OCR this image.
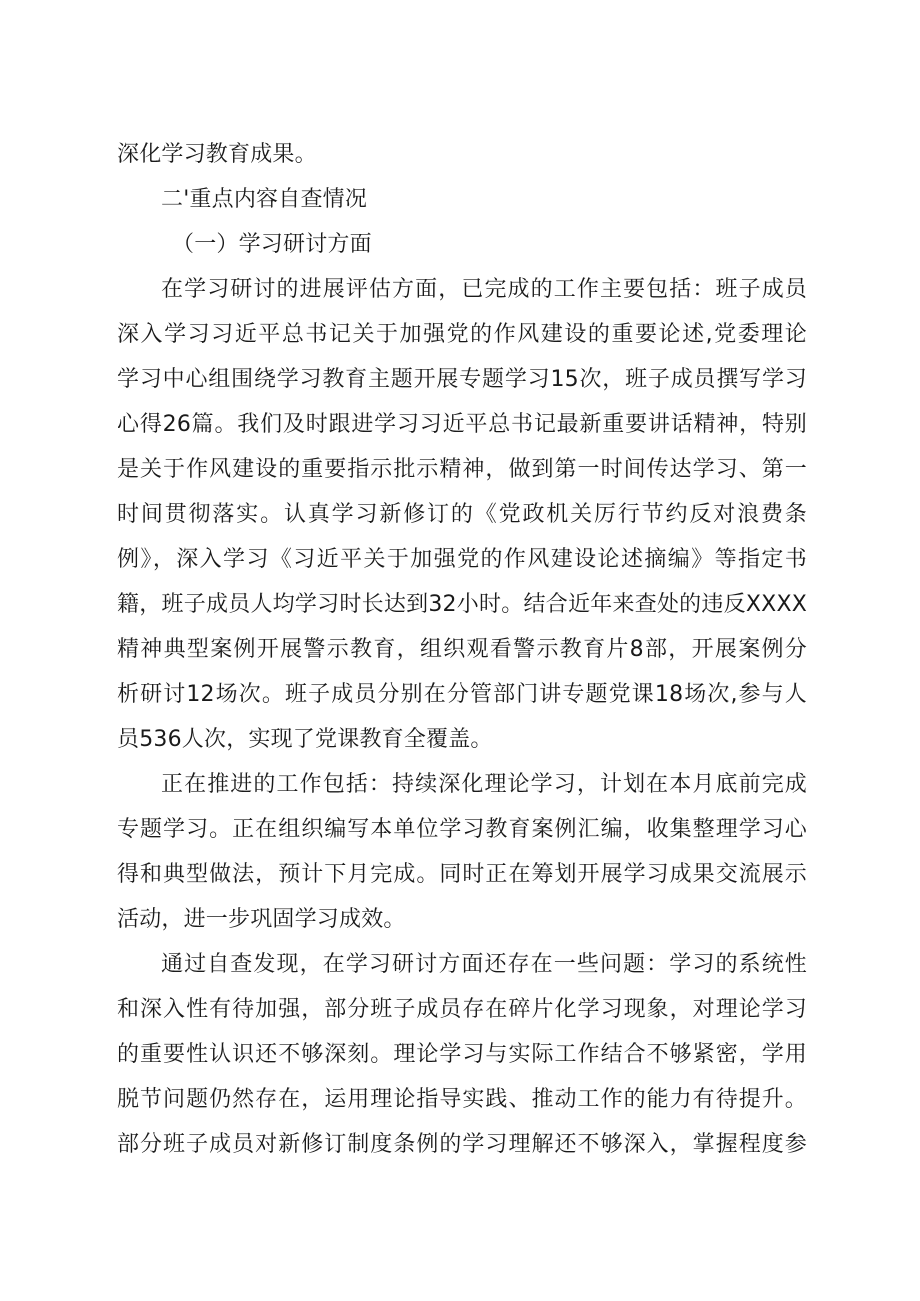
深化学习教育成果。
二'重点内容自查情况
（一）学习研讨方面
在学习研讨的进展评估方面，已完成的工作主要包括：班子成员
深入学习习近平总书记关于加强党的作风建设的重要论述,党委理论
学习中心组围绕学习教育主题开展专题学习15次，班子成员撰写学习
心得26篇。我们及时跟进学习习近平总书记最新重要讲话精神，特别
是关于作风建设的重要指示批示精神，做到第一时间传达学习、第一
时间贯彻落实。认真学习新修订的《党政机关厉行节约反对浪费条
例》，深入学习《习近平关于加强党的作风建设论述摘编》等指定书
籍，班子成员人均学习时长达到32小时。结合近年来查处的违反XXXX
精神典型案例开展警示教育，组织观看警示教育片8部，开展案例分
析研讨12场次。班子成员分别在分管部门讲专题党课18场次,参与人
员536人次，实现了党课教育全覆盖。
正在推进的工作包括：持续深化理论学习，计划在本月底前完成
专题学习。正在组织编写本单位学习教育案例汇编，收集整理学习心
得和典型做法，预计下月完成。同时正在筹划开展学习成果交流展示
活动，进一步巩固学习成效。
通过自查发现，在学习研讨方面还存在一些问题：学习的系统性
和深入性有待加强，部分班子成员存在碎片化学习现象，对理论学习
的重要性认识还不够深刻。理论学习与实际工作结合不够紧密，学用
脱节问题仍然存在，运用理论指导实践、推动工作的能力有待提升。
部分班子成员对新修订制度条例的学习理解还不够深入，掌握程度参
